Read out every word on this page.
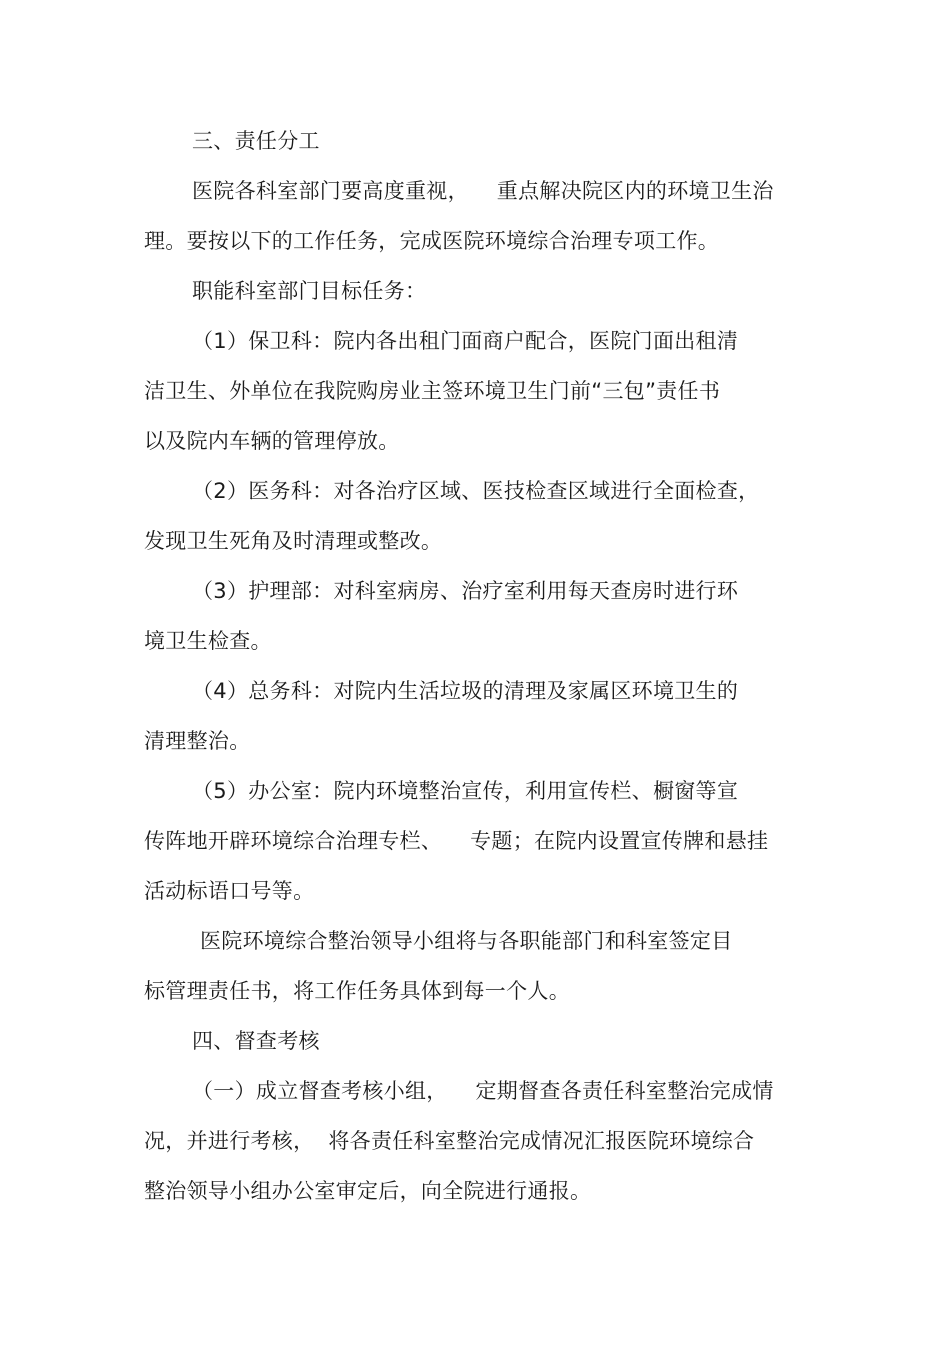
三、责任分工
医院各科室部门要高度重视，    重点解决院区内的环境卫生治
理。要按以下的工作任务，完成医院环境综合治理专项工作。
职能科室部门目标任务：
（1）保卫科：院内各出租门面商户配合，医院门面出租清
洁卫生、外单位在我院购房业主签环境卫生门前“三包”责任书
以及院内车辆的管理停放。
（2）医务科：对各治疗区域、医技检查区域进行全面检查，
发现卫生死角及时清理或整改。
（3）护理部：对科室病房、治疗室利用每天查房时进行环
境卫生检查。
（4）总务科：对院内生活垃圾的清理及家属区环境卫生的
清理整治。
（5）办公室：院内环境整治宣传，利用宣传栏、橱窗等宣
传阵地开辟环境综合治理专栏、    专题；在院内设置宣传牌和悬挂
活动标语口号等。
医院环境综合整治领导小组将与各职能部门和科室签定目
标管理责任书，将工作任务具体到每一个人。
四、督查考核
（一）成立督查考核小组，    定期督查各责任科室整治完成情
况，并进行考核，  将各责任科室整治完成情况汇报医院环境综合
整治领导小组办公室审定后，向全院进行通报。
